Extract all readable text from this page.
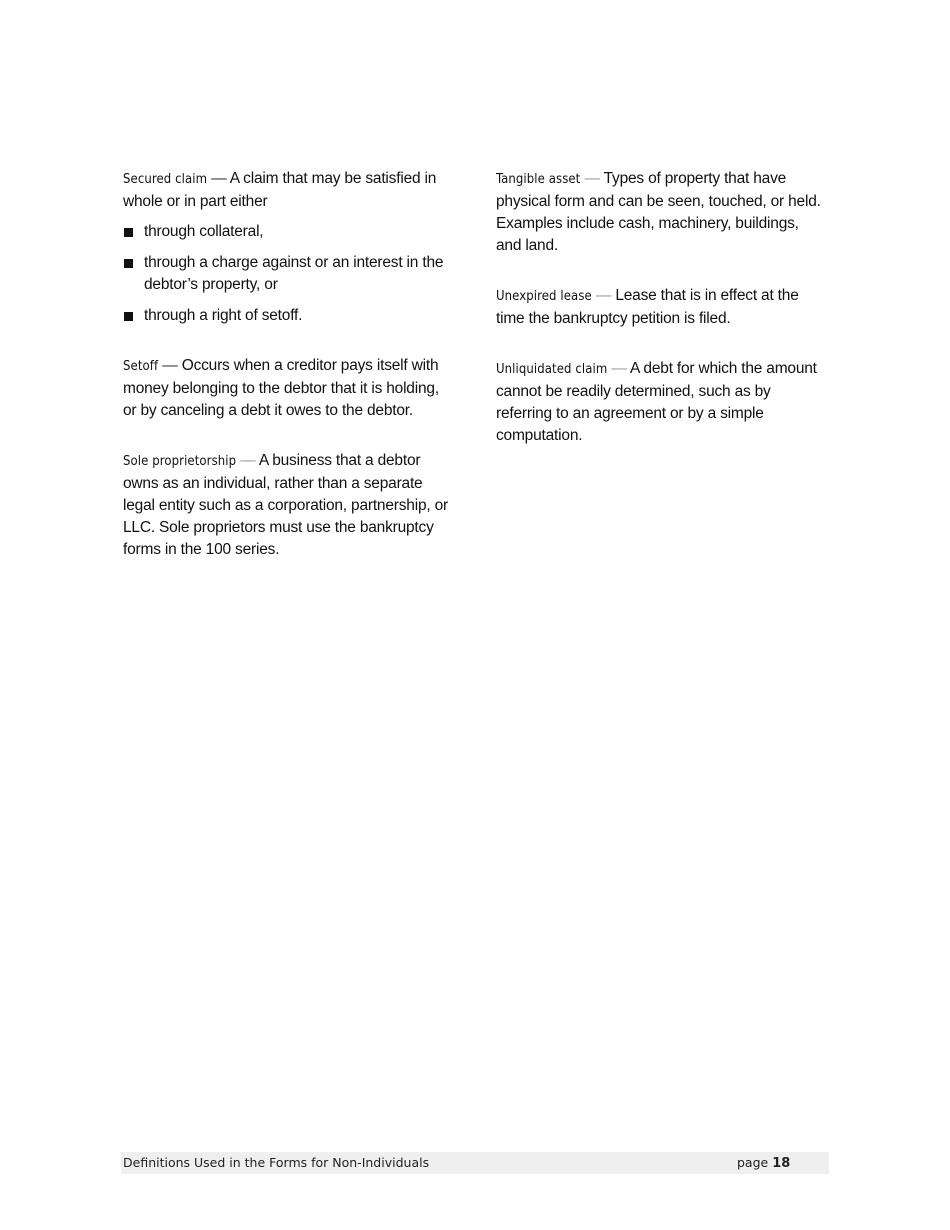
Secured claim — A claim that may be satisfied in whole or in part either

through collateral,
through a charge against or an interest in the debtor’s property, or
through a right of setoff.

Setoff — Occurs when a creditor pays itself with money belonging to the debtor that it is holding, or by canceling a debt it owes to the debtor.

Sole proprietorship — A business that a debtor owns as an individual, rather than a separate legal entity such as a corporation, partnership, or LLC. Sole proprietors must use the bankruptcy forms in the 100 series.

Tangible asset — Types of property that have physical form and can be seen, touched, or held. Examples include cash, machinery, buildings, and land.

Unexpired lease — Lease that is in effect at the time the bankruptcy petition is filed.

Unliquidated claim — A debt for which the amount cannot be readily determined, such as by referring to an agreement or by a simple computation.

Definitions Used in the Forms for Non-Individuals	page 18
